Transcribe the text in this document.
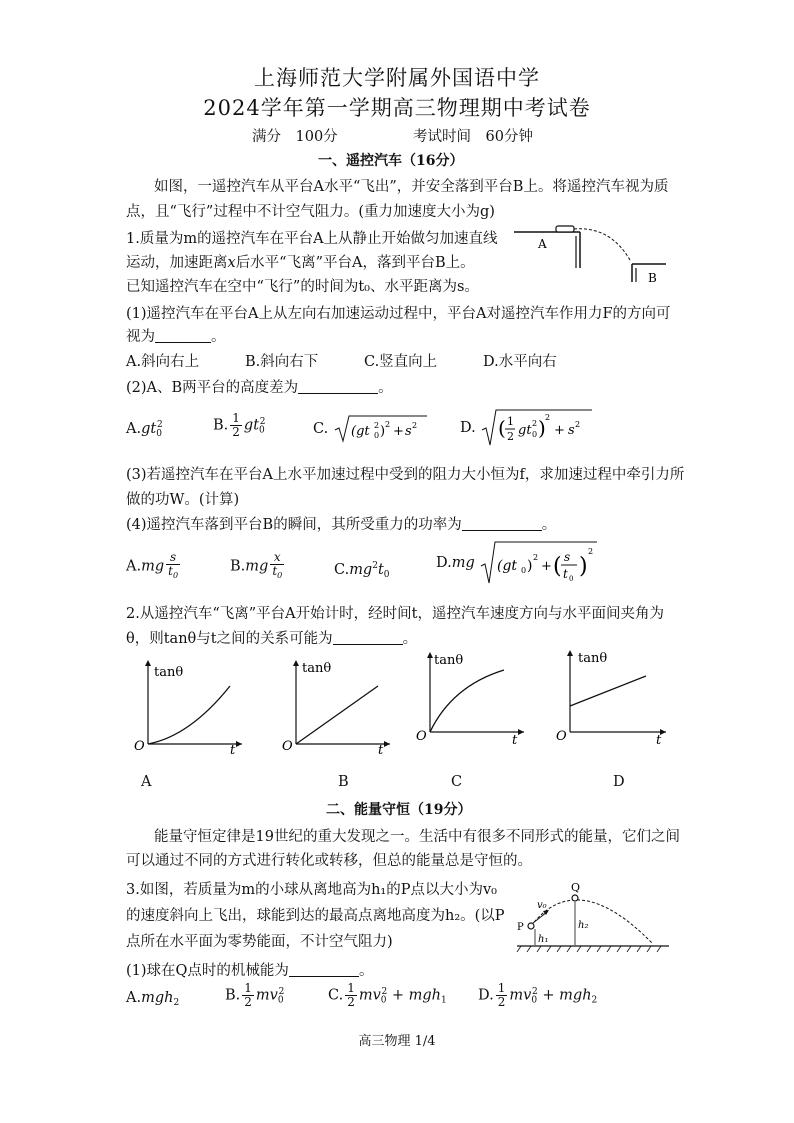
上海师范大学附属外国语中学
2024学年第一学期高三物理期中考试卷
满分　100分	考试时间　60分钟
一、遥控汽车（16分）
如图，一遥控汽车从平台A水平“飞出”，并安全落到平台B上。将遥控汽车视为质
点，且“飞行”过程中不计空气阻力。(重力加速度大小为g)
1.质量为m的遥控汽车在平台A上从静止开始做匀加速直线
运动，加速距离x后水平“飞离”平台A，落到平台B上。
已知遥控汽车在空中“飞行”的时间为t₀、水平距离为s。
A
B
(1)遥控汽车在平台A上从左向右加速运动过程中，平台A对遥控汽车作用力F的方向可
视为	。
A.斜向右上	B.斜向右下	C.竖直向上	D.水平向右
(2)A、B两平台的高度差为	。
$A.gt_0^2$	B. $\frac{1}{2} gt_0^2$	C. (gt 0
2 ) 2 + s 2	D. ( 1
2 gt 0
2 ) 2
+ s 2
(3)若遥控汽车在平台A上水平加速过程中受到的阻力大小恒为f，求加速过程中牵引力所
做的功W。(计算)
(4)遥控汽车落到平台B的瞬间，其所受重力的功率为	。
$A.mg \frac{s}{t_0}$	$B.mg \frac{x}{t_0}$	$C.mg^2t_0$
D.mg (gt 0 )
2
+ ( s
t 0 )
2
2.从遥控汽车“飞离”平台A开始计时，经时间t，遥控汽车速度方向与水平面间夹角为
θ，则tanθ与t之间的关系可能为	。
tanθ
O	t
tanθ
O	t
tanθ
O	t
tanθ
O	t
A	B	C	D
二、能量守恒（19分）
能量守恒定律是19世纪的重大发现之一。生活中有很多不同形式的能量，它们之间
可以通过不同的方式进行转化或转移，但总的能量总是守恒的。
3.如图，若质量为m的小球从离地高为h₁的P点以大小为v₀
的速度斜向上飞出，球能到达的最高点离地高度为h₂。(以P
点所在水平面为零势能面，不计空气阻力)
P
Q
v₀
h₁
h₂
(1)球在Q点时的机械能为	。
A.mgh$_2$	B. $\frac{1}{2} mv_0^2$	C. $\frac{1}{2} mv_0^2 + mgh_1$ D. $\frac{1}{2} mv_0^2 + mgh_2$
高三物理 1/4
